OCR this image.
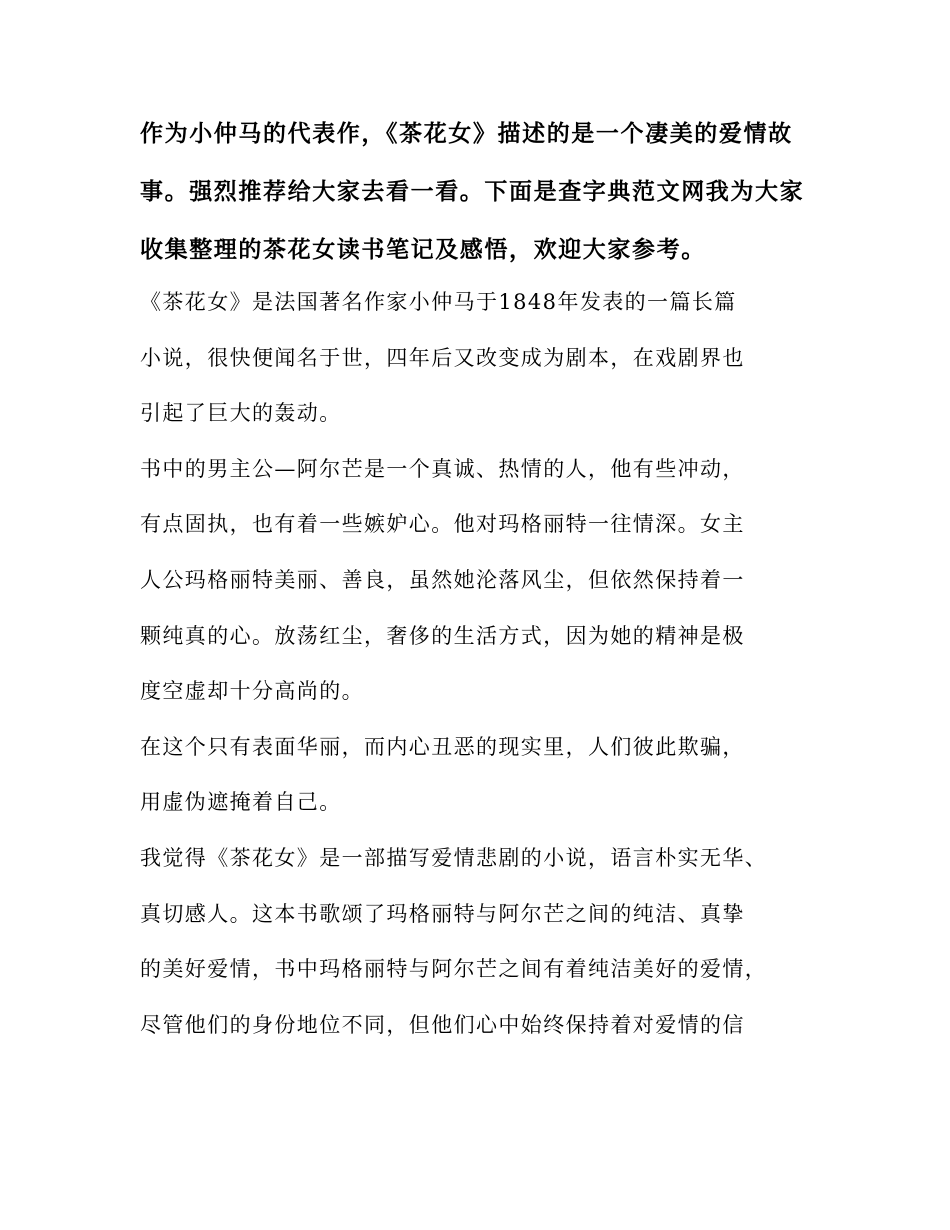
作为小仲马的代表作，《茶花女》描述的是一个凄美的爱情故
事。强烈推荐给大家去看一看。下面是查字典范文网我为大家
收集整理的茶花女读书笔记及感悟，欢迎大家参考。
《茶花女》是法国著名作家小仲马于1848年发表的一篇长篇
小说，很快便闻名于世，四年后又改变成为剧本，在戏剧界也
引起了巨大的轰动。
书中的男主公—阿尔芒是一个真诚、热情的人，他有些冲动，
有点固执，也有着一些嫉妒心。他对玛格丽特一往情深。女主
人公玛格丽特美丽、善良，虽然她沦落风尘，但依然保持着一
颗纯真的心。放荡红尘，奢侈的生活方式，因为她的精神是极
度空虚却十分高尚的。
在这个只有表面华丽，而内心丑恶的现实里，人们彼此欺骗，
用虚伪遮掩着自己。
我觉得《茶花女》是一部描写爱情悲剧的小说，语言朴实无华、
真切感人。这本书歌颂了玛格丽特与阿尔芒之间的纯洁、真挚
的美好爱情，书中玛格丽特与阿尔芒之间有着纯洁美好的爱情，
尽管他们的身份地位不同，但他们心中始终保持着对爱情的信
